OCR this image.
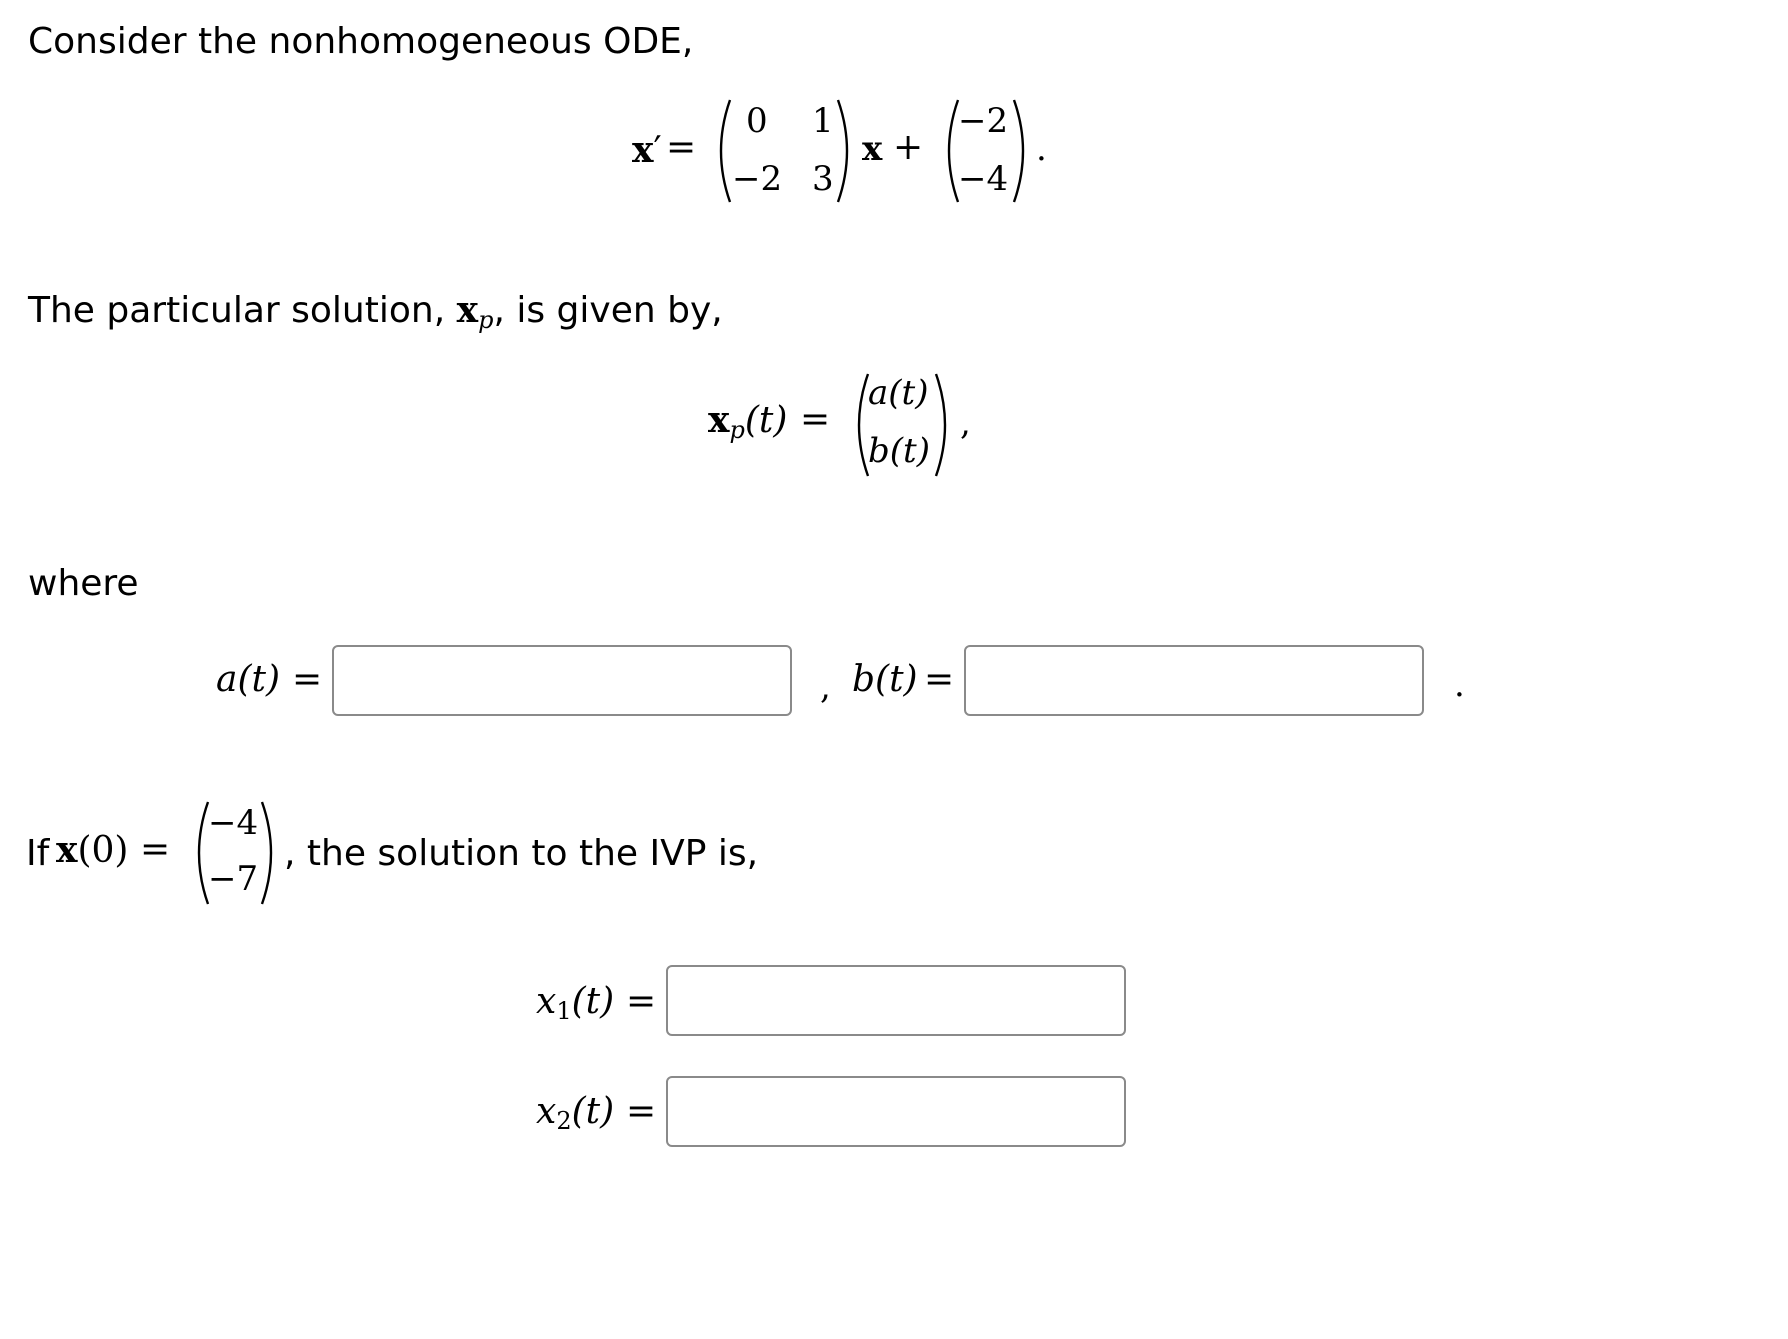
Consider the nonhomogeneous ODE,
x′ =
0 1
−2 3
x +
−2
−4
.
The particular solution, $x_p$, is given by,
$x_p(t)$ =
a(t)
b(t)
,
where
a(t) =	, b(t) =	.
If x(0) =
−4
−7
, the solution to the IVP is,
x1(t) =
x2(t) =
